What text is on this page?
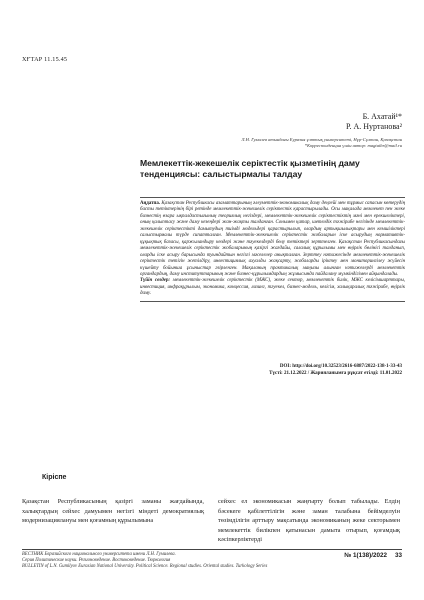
ХҒТАР 11.15.45
Б. Ахатай¹*
Р. А. Нуртанова²
Л.Н. Гумилев атындағы Еуразия ұлттық университеті, Нұр-Сұлтан, Қазақстан
*Корреспонденция үшін автор: magtaibr@mail.ru
Мемлекеттік-жекешелік серіктестік қызметінің даму тенденциясы: салыстырмалы талдау
Аңдатпа. Қазақстан Республикасы азаматтарының әлеуметтік-экономикалық даму деңгейі мен тұрмыс сапасын көтерудің басты тетіктерінің бірі ретінде мемлекеттік-жекешелік серіктестік қарастырылады. Осы мақалада мемлекет пен жеке бизнестің өзара ықпалдастығының теориялық негіздері, мемлекеттік-жекешелік серіктестіктің мәні мен ерекшеліктері, оның қалыптасу және даму кезеңдері жан-жақты талданған. Сонымен қатар, шетелдік тәжірибе негізінде мемлекеттік-жекешелік серіктестікті дамытудың тиімді модельдері қарастырылып, олардың артықшылықтары мен кемшіліктері салыстырмалы түрде сипатталған. Мемлекеттік-жекешелік серіктестік жобаларын іске асырудың нормативтік-құқықтық базасы, қаржыландыру көздері және тәуекелдерді бөлу тетіктері зерттелген. Қазақстан Республикасындағы мемлекеттік-жекешелік серіктестік жобаларының қазіргі жағдайы, салалық құрылымы мен өңірлік бөлінісі талданып, оларды іске асыру барысында туындайтын негізгі мәселелер анықталған. Зерттеу нәтижесінде мемлекеттік-жекешелік серіктестік тетігін жетілдіру, инвестициялық ахуалды жақсарту, жобаларды іріктеу мен мониторингілеу жүйесін күшейту бойынша ұсыныстар әзірленген. Мақаланың практикалық маңызы алынған нәтижелерді мемлекеттік органдардың, даму институттарының және бизнес-құрылымдардың жұмысында пайдалану мүмкіндігімен айқындалады.
Түйін сөздер: мемлекеттік-жекешелік серіктестік (МЖС), жеке сектор, мемлекеттік билік, МЖС келісімшарттары, инвестиция, инфрақұрылым, экономика, концессия, лизинг, тәуекел, бизнес-модель, келісім, халықаралық тәжірибе, өңірлік даму.
DOI: http://doi.org/10.32523/2616-6887/2022-138-1-33-43
Түсті: 21.12.2022 / Жарияланымға рұқсат етілді: 11.01.2022
Кіріспе
Қазақстан Республикасының қазіргі заманы жағдайында, халықтардың сейхес дамуымен негізгі міндеті демократиялық модернизациялануы мен қоғамның құрылымына
сейхес ел экономикасын жаңғырту болып табылады. Елдің бәсекеге қабілеттілігін және заман талабына бейімделуін төзімділігін арттыру мақсатында экономиканың жеке секторымен мемлекеттік билікпен қатынасын дамыта отырып, қоғамдық кәсіпкерліктерді
ВЕСТНИК Евразийского национального университета имени Л.Н. Гумилева.
Серия Политические науки. Регионоведение. Востоковедение. Тюркология
BULLETIN of L.N. Gumilyov Eurasian National University. Political Science. Regional studies. Oriental studies. Turkology Series
№ 1(138)/2022 33
